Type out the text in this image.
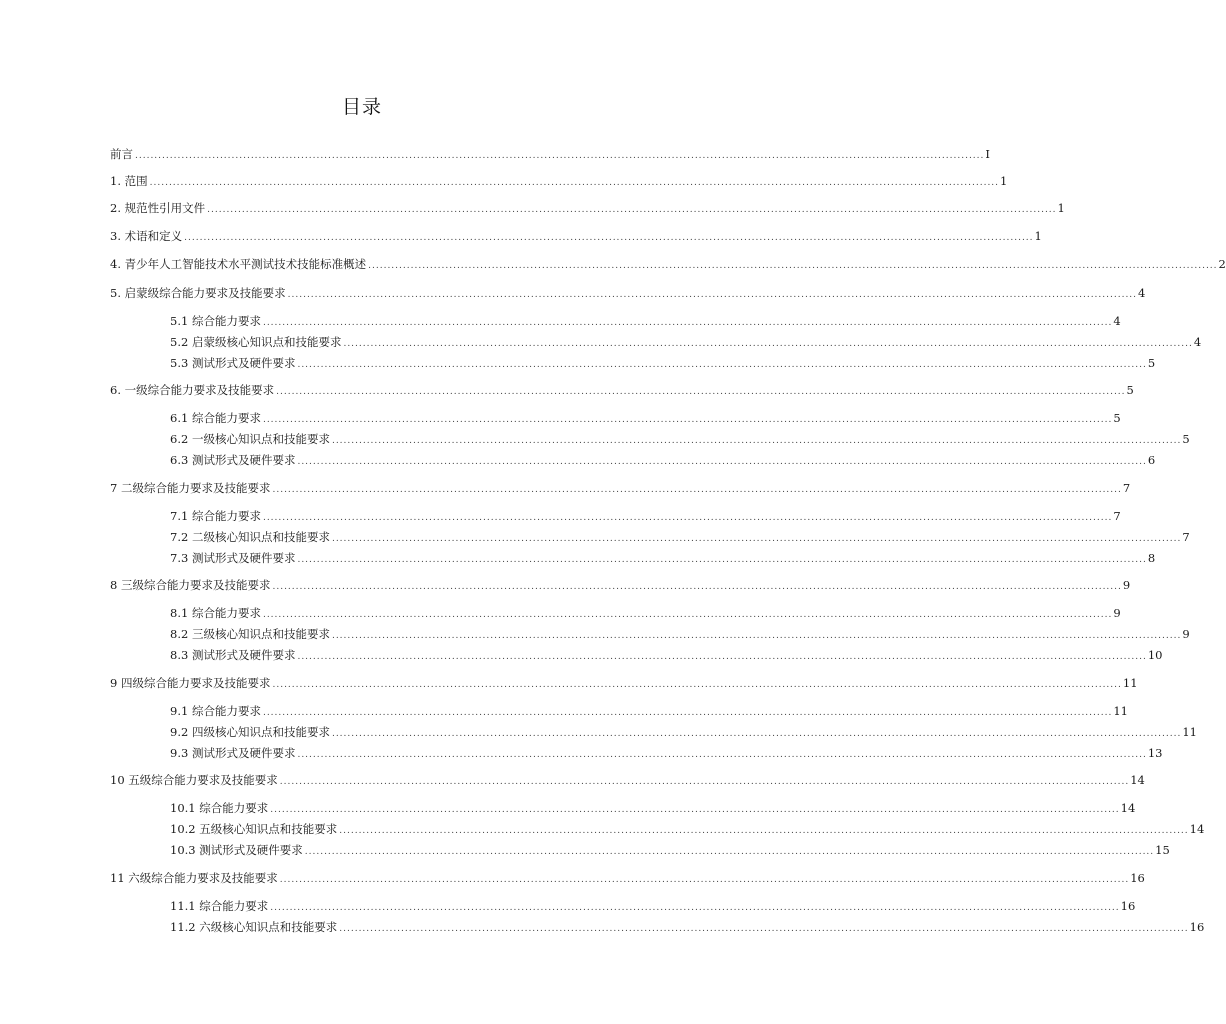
目录
前言 ............................................................................................................................................................................................................................ I
1. 范围 ............................................................................................................................................................................................................................ 1
2. 规范性引用文件 ............................................................................................................................................................................................................................ 1
3. 术语和定义 ............................................................................................................................................................................................................................ 1
4. 青少年人工智能技术水平测试技术技能标准概述 ............................................................................................................................................................................................................................ 2
5. 启蒙级综合能力要求及技能要求 ............................................................................................................................................................................................................................ 4
5.1 综合能力要求 ............................................................................................................................................................................................................................ 4
5.2 启蒙级核心知识点和技能要求 ............................................................................................................................................................................................................................ 4
5.3 测试形式及硬件要求 ............................................................................................................................................................................................................................ 5
6. 一级综合能力要求及技能要求 ............................................................................................................................................................................................................................ 5
6.1 综合能力要求 ............................................................................................................................................................................................................................ 5
6.2 一级核心知识点和技能要求 ............................................................................................................................................................................................................................ 5
6.3 测试形式及硬件要求 ............................................................................................................................................................................................................................ 6
7 二级综合能力要求及技能要求 ............................................................................................................................................................................................................................ 7
7.1 综合能力要求 ............................................................................................................................................................................................................................ 7
7.2 二级核心知识点和技能要求 ............................................................................................................................................................................................................................ 7
7.3 测试形式及硬件要求 ............................................................................................................................................................................................................................ 8
8 三级综合能力要求及技能要求 ............................................................................................................................................................................................................................ 9
8.1 综合能力要求 ............................................................................................................................................................................................................................ 9
8.2 三级核心知识点和技能要求 ............................................................................................................................................................................................................................ 9
8.3 测试形式及硬件要求 ............................................................................................................................................................................................................................ 10
9 四级综合能力要求及技能要求 ............................................................................................................................................................................................................................ 11
9.1 综合能力要求 ............................................................................................................................................................................................................................ 11
9.2 四级核心知识点和技能要求 ............................................................................................................................................................................................................................ 11
9.3 测试形式及硬件要求 ............................................................................................................................................................................................................................ 13
10 五级综合能力要求及技能要求 ............................................................................................................................................................................................................................ 14
10.1 综合能力要求 ............................................................................................................................................................................................................................ 14
10.2 五级核心知识点和技能要求 ............................................................................................................................................................................................................................ 14
10.3 测试形式及硬件要求 ............................................................................................................................................................................................................................ 15
11 六级综合能力要求及技能要求 ............................................................................................................................................................................................................................ 16
11.1 综合能力要求 ............................................................................................................................................................................................................................ 16
11.2 六级核心知识点和技能要求 ............................................................................................................................................................................................................................ 16
